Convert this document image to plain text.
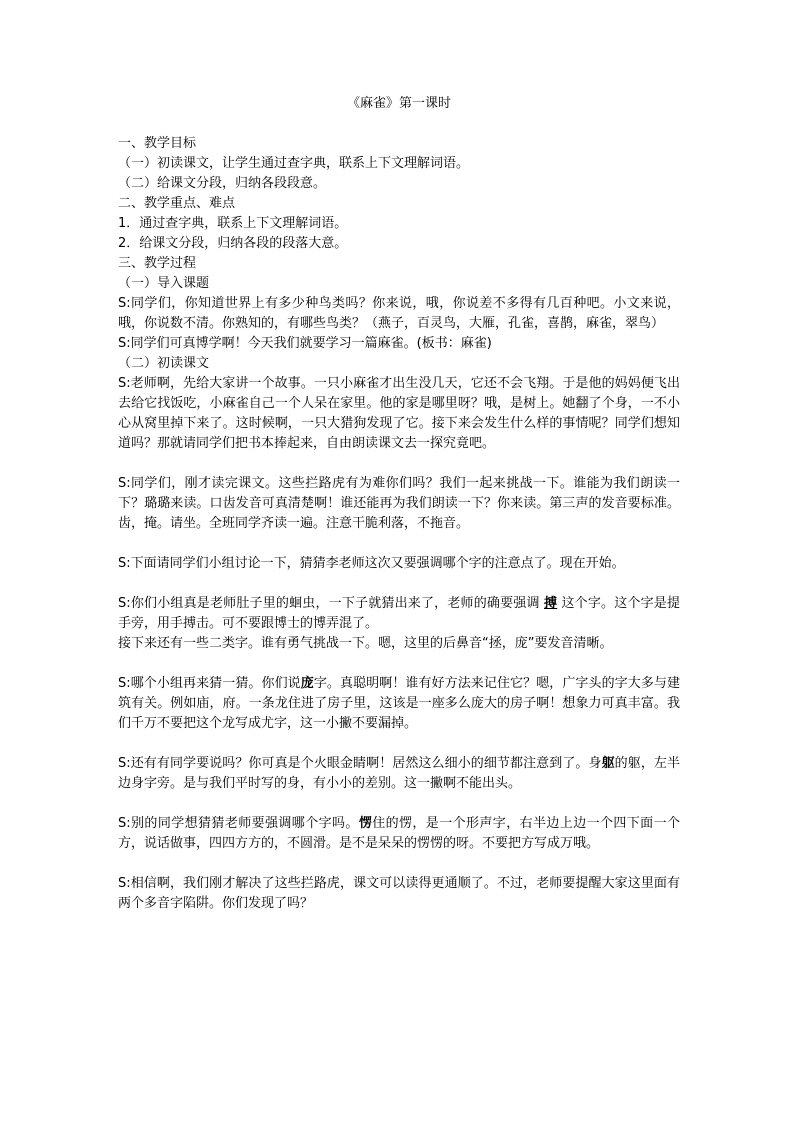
《麻雀》第一课时
一、教学目标
（一）初读课文，让学生通过查字典，联系上下文理解词语。
（二）给课文分段，归纳各段段意。
二、教学重点、难点
1．通过查字典，联系上下文理解词语。
2．给课文分段，归纳各段的段落大意。
三、教学过程
（一）导入课题

S:同学们，你知道世界上有多少种鸟类吗？你来说，哦，你说差不多得有几百种吧。小文来说，哦，你说数不清。你熟知的，有哪些鸟类？（燕子，百灵鸟，大雁，孔雀，喜鹊，麻雀，翠鸟）

S:同学们可真博学啊！今天我们就要学习一篇麻雀。(板书：麻雀)

（二）初读课文

S:老师啊，先给大家讲一个故事。一只小麻雀才出生没几天，它还不会飞翔。于是他的妈妈便飞出去给它找饭吃，小麻雀自己一个人呆在家里。他的家是哪里呀？哦，是树上。她翻了个身，一不小心从窝里掉下来了。这时候啊，一只大猎狗发现了它。接下来会发生什么样的事情呢？同学们想知道吗？那就请同学们把书本捧起来，自由朗读课文去一探究竟吧。

S:同学们，刚才读完课文。这些拦路虎有为难你们吗？我们一起来挑战一下。谁能为我们朗读一下？璐璐来读。口齿发音可真清楚啊！谁还能再为我们朗读一下？你来读。第三声的发音要标准。齿，掩。请坐。全班同学齐读一遍。注意干脆利落，不拖音。

S:下面请同学们小组讨论一下，猜猜李老师这次又要强调哪个字的注意点了。现在开始。

S:你们小组真是老师肚子里的蛔虫，一下子就猜出来了，老师的确要强调 搏 这个字。这个字是提手旁，用手搏击。可不要跟博士的博弄混了。

接下来还有一些二类字。谁有勇气挑战一下。嗯，这里的后鼻音“拯，庞”要发音清晰。

S:哪个小组再来猜一猜。你们说庞字。真聪明啊！谁有好方法来记住它？嗯，广字头的字大多与建筑有关。例如庙，府。一条龙住进了房子里，这该是一座多么庞大的房子啊！想象力可真丰富。我们千万不要把这个龙写成尤字，这一小撇不要漏掉。

S:还有有同学要说吗？你可真是个火眼金睛啊！居然这么细小的细节都注意到了。身躯的躯，左半边身字旁。是与我们平时写的身，有小小的差别。这一撇啊不能出头。

S:别的同学想猜猜老师要强调哪个字吗。愣住的愣，是一个形声字，右半边上边一个四下面一个方，说话做事，四四方方的，不圆滑。是不是呆呆的愣愣的呀。不要把方写成万哦。

S:相信啊，我们刚才解决了这些拦路虎，课文可以读得更通顺了。不过，老师要提醒大家这里面有两个多音字陷阱。你们发现了吗？
